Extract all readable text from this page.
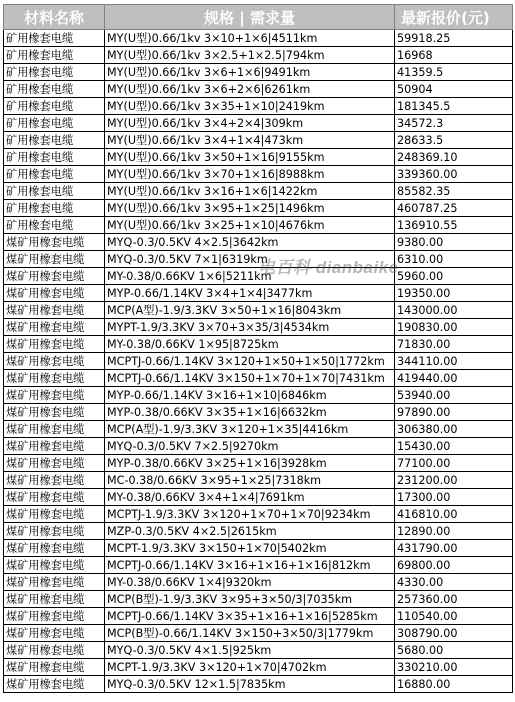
材料名称	规格 | 需求量	最新报价(元)
矿用橡套电缆	MY(U型)0.66/1kv 3×10+1×6|4511km	59918.25
矿用橡套电缆	MY(U型)0.66/1kv 3×2.5+1×2.5|794km	16968
矿用橡套电缆	MY(U型)0.66/1kv 3×6+1×6|9491km	41359.5
矿用橡套电缆	MY(U型)0.66/1kv 3×6+2×6|6261km	50904
矿用橡套电缆	MY(U型)0.66/1kv 3×35+1×10|2419km	181345.5
矿用橡套电缆	MY(U型)0.66/1kv 3×4+2×4|309km	34572.3
矿用橡套电缆	MY(U型)0.66/1kv 3×4+1×4|473km	28633.5
矿用橡套电缆	MY(U型)0.66/1kv 3×50+1×16|9155km	248369.10
矿用橡套电缆	MY(U型)0.66/1kv 3×70+1×16|8988km	339360.00
矿用橡套电缆	MY(U型)0.66/1kv 3×16+1×6|1422km	85582.35
矿用橡套电缆	MY(U型)0.66/1kv 3×95+1×25|1496km	460787.25
矿用橡套电缆	MY(U型)0.66/1kv 3×25+1×10|4676km	136910.55
煤矿用橡套电缆	MYQ-0.3/0.5KV 4×2.5|3642km	9380.00
煤矿用橡套电缆	MYQ-0.3/0.5KV 7×1|6319km	6310.00
煤矿用橡套电缆	MY-0.38/0.66KV 1×6|5211km	5960.00
煤矿用橡套电缆	MYP-0.66/1.14KV 3×4+1×4|3477km	19350.00
煤矿用橡套电缆	MCP(A型)-1.9/3.3KV 3×50+1×16|8043km	143000.00
煤矿用橡套电缆	MYPT-1.9/3.3KV 3×70+3×35/3|4534km	190830.00
煤矿用橡套电缆	MY-0.38/0.66KV 1×95|8725km	71830.00
煤矿用橡套电缆	MCPTJ-0.66/1.14KV 3×120+1×50+1×50|1772km	344110.00
煤矿用橡套电缆	MCPTJ-0.66/1.14KV 3×150+1×70+1×70|7431km	419440.00
煤矿用橡套电缆	MYP-0.66/1.14KV 3×16+1×10|6846km	53940.00
煤矿用橡套电缆	MYP-0.38/0.66KV 3×35+1×16|6632km	97890.00
煤矿用橡套电缆	MCP(A型)-1.9/3.3KV 3×120+1×35|4416km	306380.00
煤矿用橡套电缆	MYQ-0.3/0.5KV 7×2.5|9270km	15430.00
煤矿用橡套电缆	MYP-0.38/0.66KV 3×25+1×16|3928km	77100.00
煤矿用橡套电缆	MC-0.38/0.66KV 3×95+1×25|7318km	231200.00
煤矿用橡套电缆	MY-0.38/0.66KV 3×4+1×4|7691km	17300.00
煤矿用橡套电缆	MCPTJ-1.9/3.3KV 3×120+1×70+1×70|9234km	416810.00
煤矿用橡套电缆	MZP-0.3/0.5KV 4×2.5|2615km	12890.00
煤矿用橡套电缆	MCPT-1.9/3.3KV 3×150+1×70|5402km	431790.00
煤矿用橡套电缆	MCPTJ-0.66/1.14KV 3×16+1×16+1×16|812km	69800.00
煤矿用橡套电缆	MY-0.38/0.66KV 1×4|9320km	4330.00
煤矿用橡套电缆	MCP(B型)-1.9/3.3KV 3×95+3×50/3|7035km	257360.00
煤矿用橡套电缆	MCPTJ-0.66/1.14KV 3×35+1×16+1×16|5285km	110540.00
煤矿用橡套电缆	MCP(B型)-0.66/1.14KV 3×150+3×50/3|1779km	308790.00
煤矿用橡套电缆	MYQ-0.3/0.5KV 4×1.5|925km	5680.00
煤矿用橡套电缆	MCPT-1.9/3.3KV 3×120+1×70|4702km	330210.00
煤矿用橡套电缆	MYQ-0.3/0.5KV 12×1.5|7835km	16880.00
电百科 dianbaike
